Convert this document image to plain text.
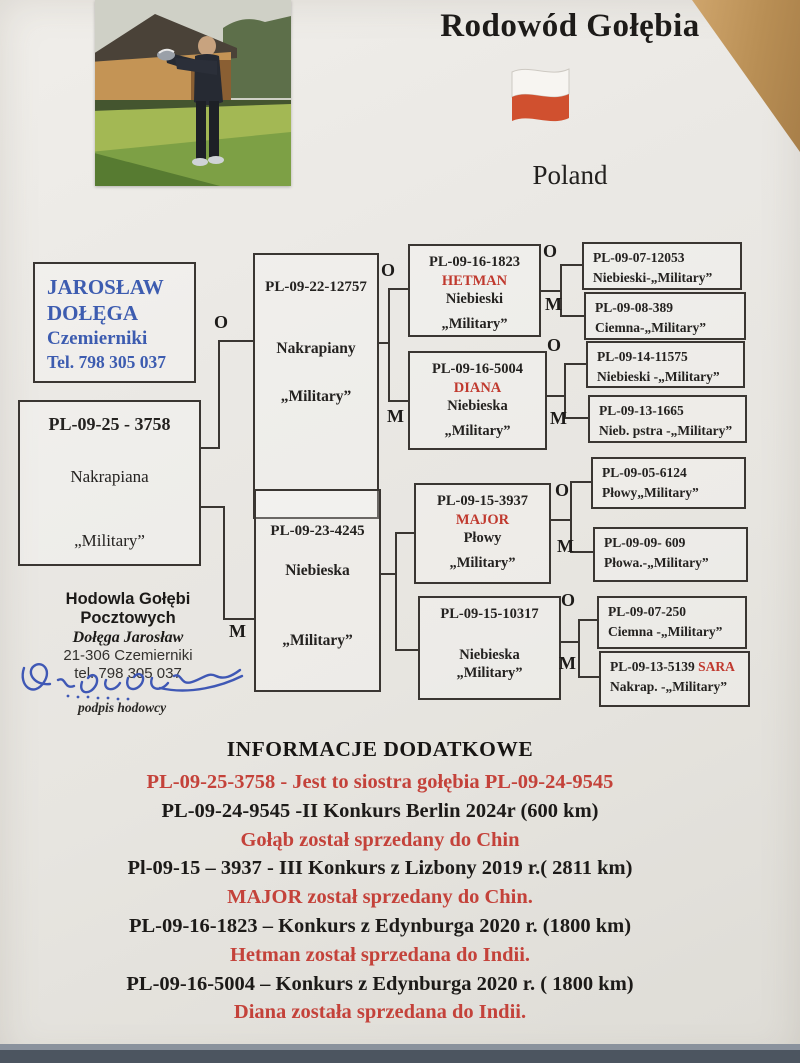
Rodowód Gołębia
Poland
JAROSŁAW
DOŁĘGA
Czemierniki
Tel. 798 305 037
PL-09-25 - 3758
Nakrapiana
„Military”
PL-09-22-12757
Nakrapiany
„Military”
PL-09-23-4245
Niebieska
„Military”
PL-09-16-1823
HETMAN
Niebieski
„Military”
PL-09-16-5004
DIANA
Niebieska
„Military”
PL-09-15-3937
MAJOR
Płowy
„Military”
PL-09-15-10317
Niebieska
„Military”
PL-09-07-12053
Niebieski-„Military”
PL-09-08-389
Ciemna-„Military”
PL-09-14-11575
Niebieski -„Military”
PL-09-13-1665
Nieb. pstra -„Military”
PL-09-05-6124
Płowy„Military”
PL-09-09- 609
Płowa.-„Military”
PL-09-07-250
Ciemna -„Military”
PL-09-13-5139 SARA
Nakrap. -„Military”
O
M
O
M
O
M
O
M
O
M
O
M
Hodowla Gołębi Pocztowych
Dołęga Jarosław
21-306 Czemierniki
tel. 798 305 037
podpis hodowcy
INFORMACJE DODATKOWE
PL-09-25-3758 - Jest to siostra gołębia PL-09-24-9545
PL-09-24-9545 -II Konkurs Berlin 2024r (600 km)
Gołąb został sprzedany do Chin
Pl-09-15 – 3937 - III Konkurs z Lizbony 2019 r.( 2811 km)
MAJOR został sprzedany do Chin.
PL-09-16-1823 – Konkurs z Edynburga 2020 r. (1800 km)
Hetman został sprzedana do Indii.
PL-09-16-5004 – Konkurs z Edynburga 2020 r. ( 1800 km)
Diana została sprzedana do Indii.
